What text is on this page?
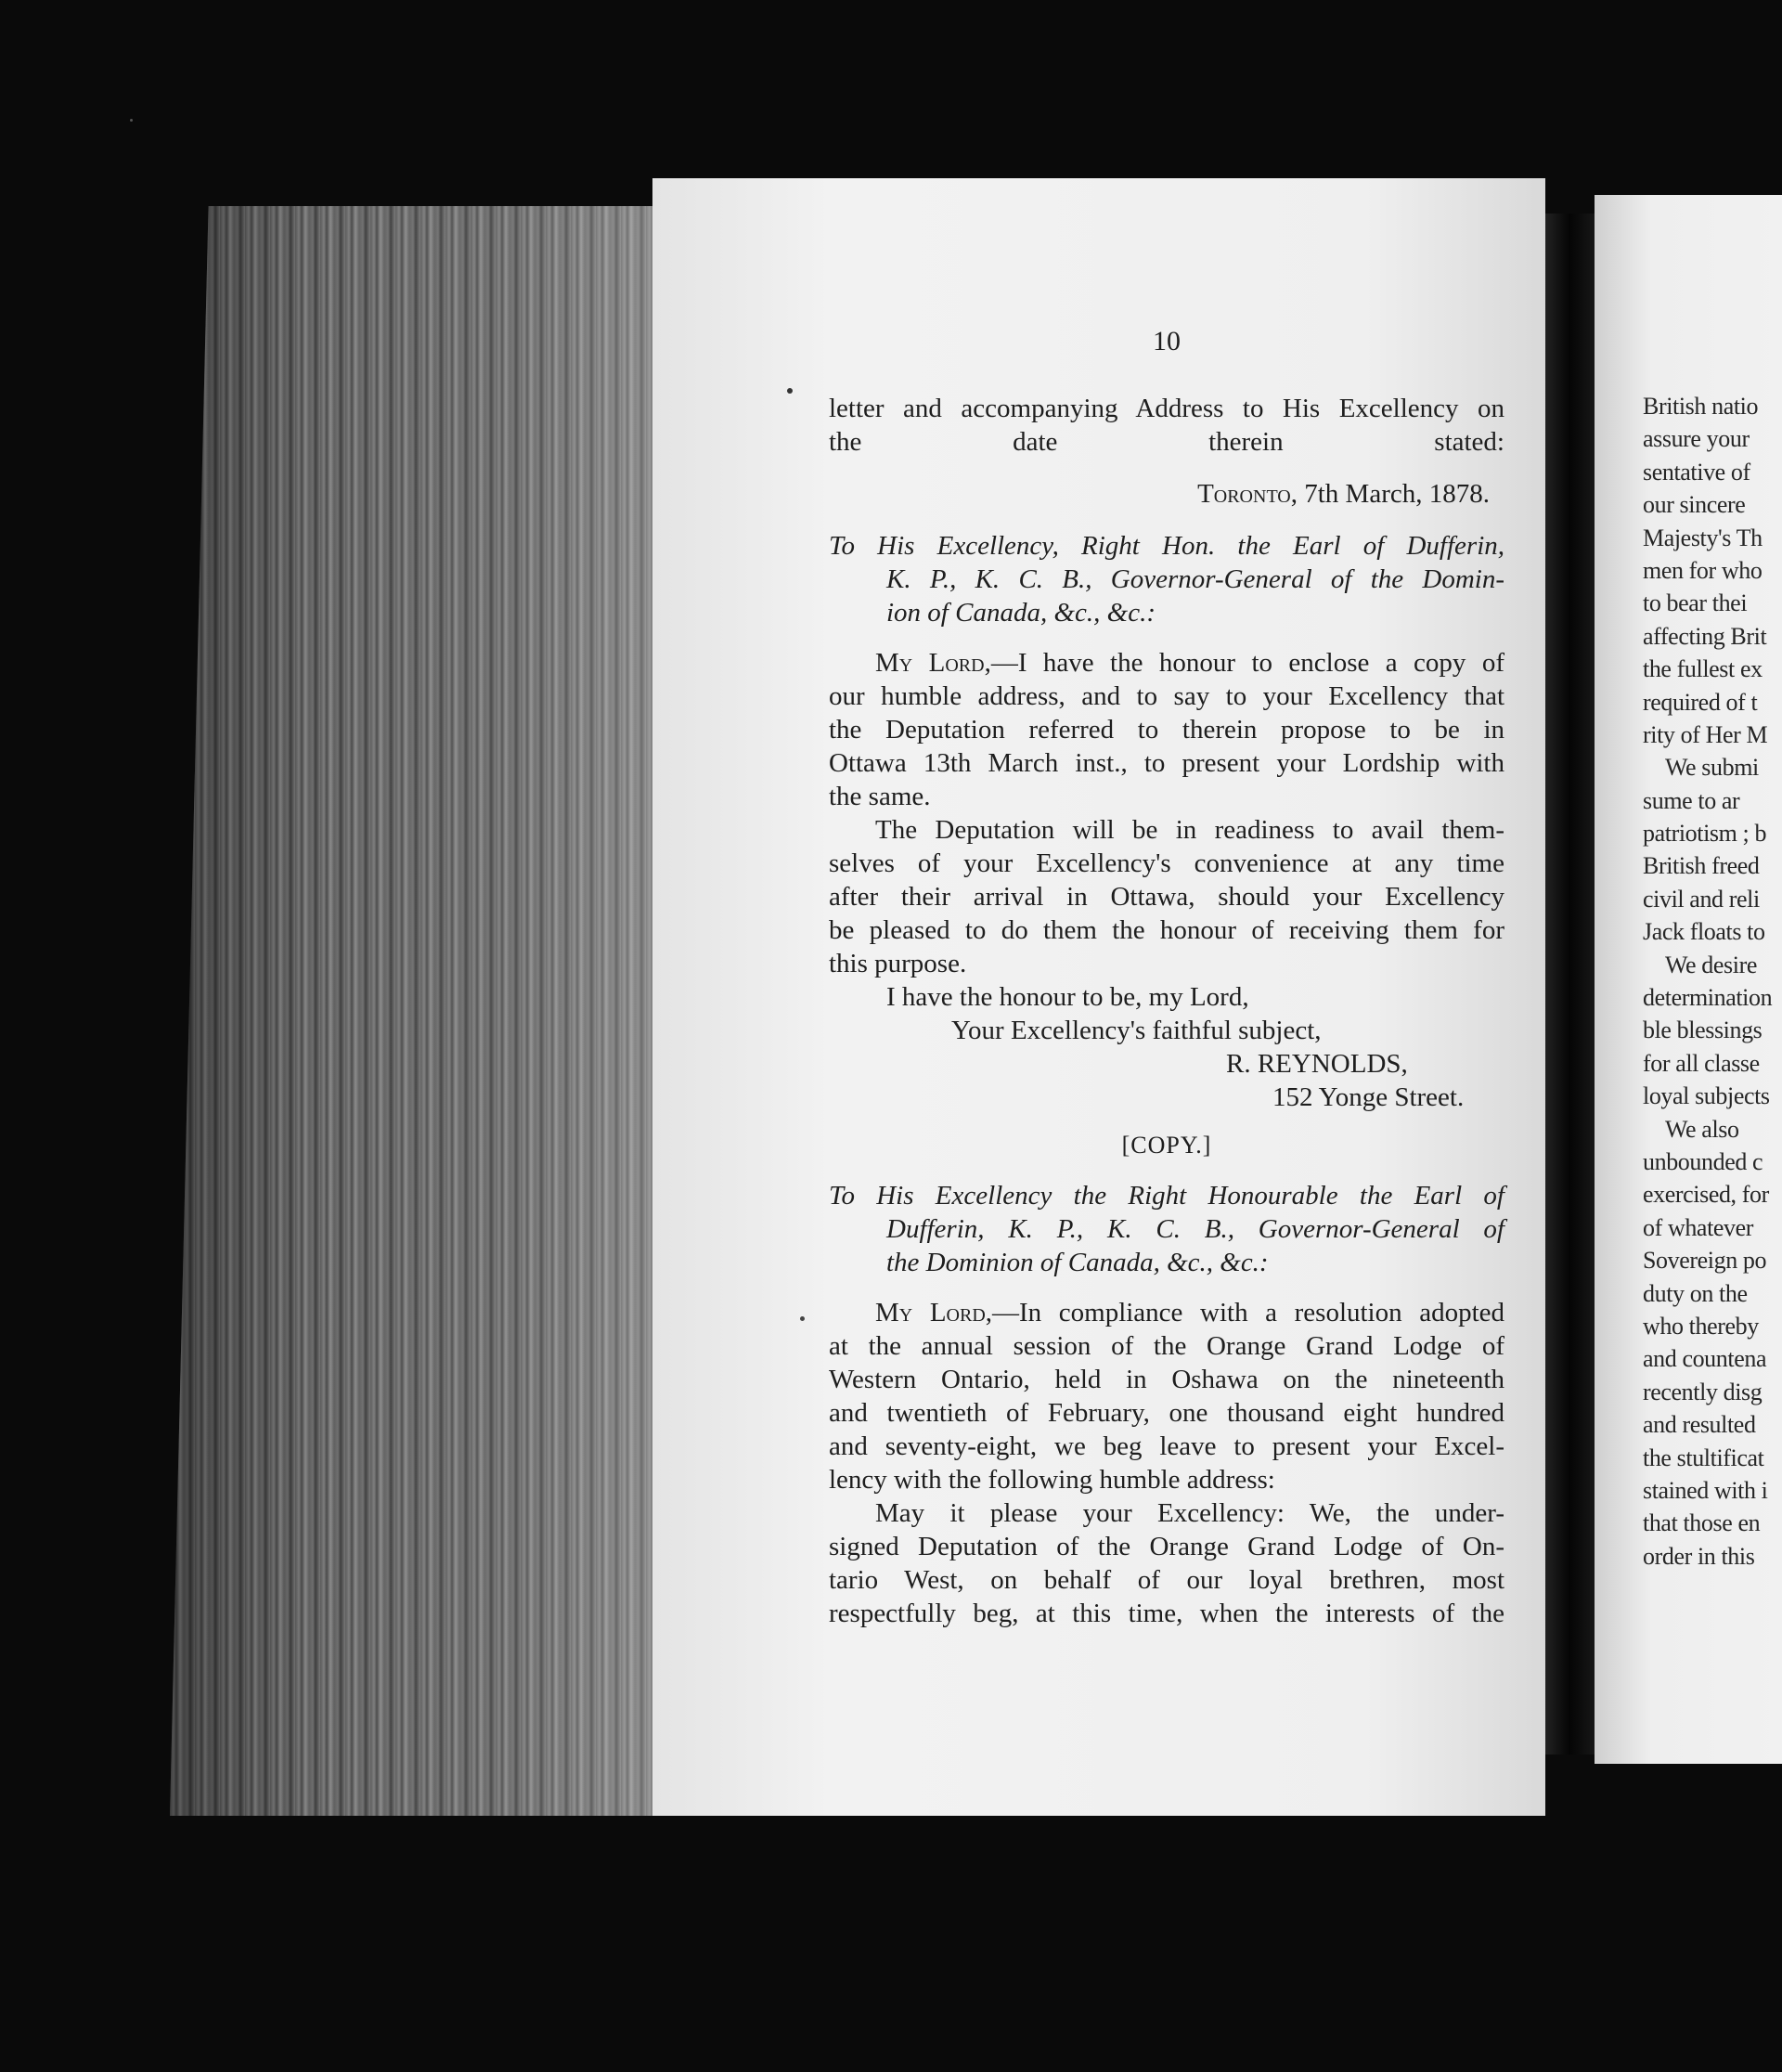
British natio
assure your
sentative of
our sincere
Majesty's Th
men for who
to bear thei
affecting Brit
the fullest ex
required of t
rity of Her M
We submi
sume to ar
patriotism ; b
British freed
civil and reli
Jack floats to
We desire
determination
ble blessings
for all classe
loyal subjects
We also
unbounded c
exercised, for
of whatever
Sovereign po
duty on the
who thereby
and countena
recently disg
and resulted
the stultificat
stained with i
that those en
order in this
10
letter and accompanying Address to His Excellency on
the date therein stated:
Toronto, 7th March, 1878.
To His Excellency, Right Hon. the Earl of Dufferin,
K. P., K. C. B., Governor-General of the Domin-
ion of Canada, &c., &c.:
My Lord,—I have the honour to enclose a copy of
our humble address, and to say to your Excellency that
the Deputation referred to therein propose to be in
Ottawa 13th March inst., to present your Lordship with
the same.
The Deputation will be in readiness to avail them-
selves of your Excellency's convenience at any time
after their arrival in Ottawa, should your Excellency
be pleased to do them the honour of receiving them for
this purpose.
I have the honour to be, my Lord,
Your Excellency's faithful subject,
R. REYNOLDS,
152 Yonge Street.
[COPY.]
To His Excellency the Right Honourable the Earl of
Dufferin, K. P., K. C. B., Governor-General of
the Dominion of Canada, &c., &c.:
My Lord,—In compliance with a resolution adopted
at the annual session of the Orange Grand Lodge of
Western Ontario, held in Oshawa on the nineteenth
and twentieth of February, one thousand eight hundred
and seventy-eight, we beg leave to present your Excel-
lency with the following humble address:
May it please your Excellency: We, the under-
signed Deputation of the Orange Grand Lodge of On-
tario West, on behalf of our loyal brethren, most
respectfully beg, at this time, when the interests of the
